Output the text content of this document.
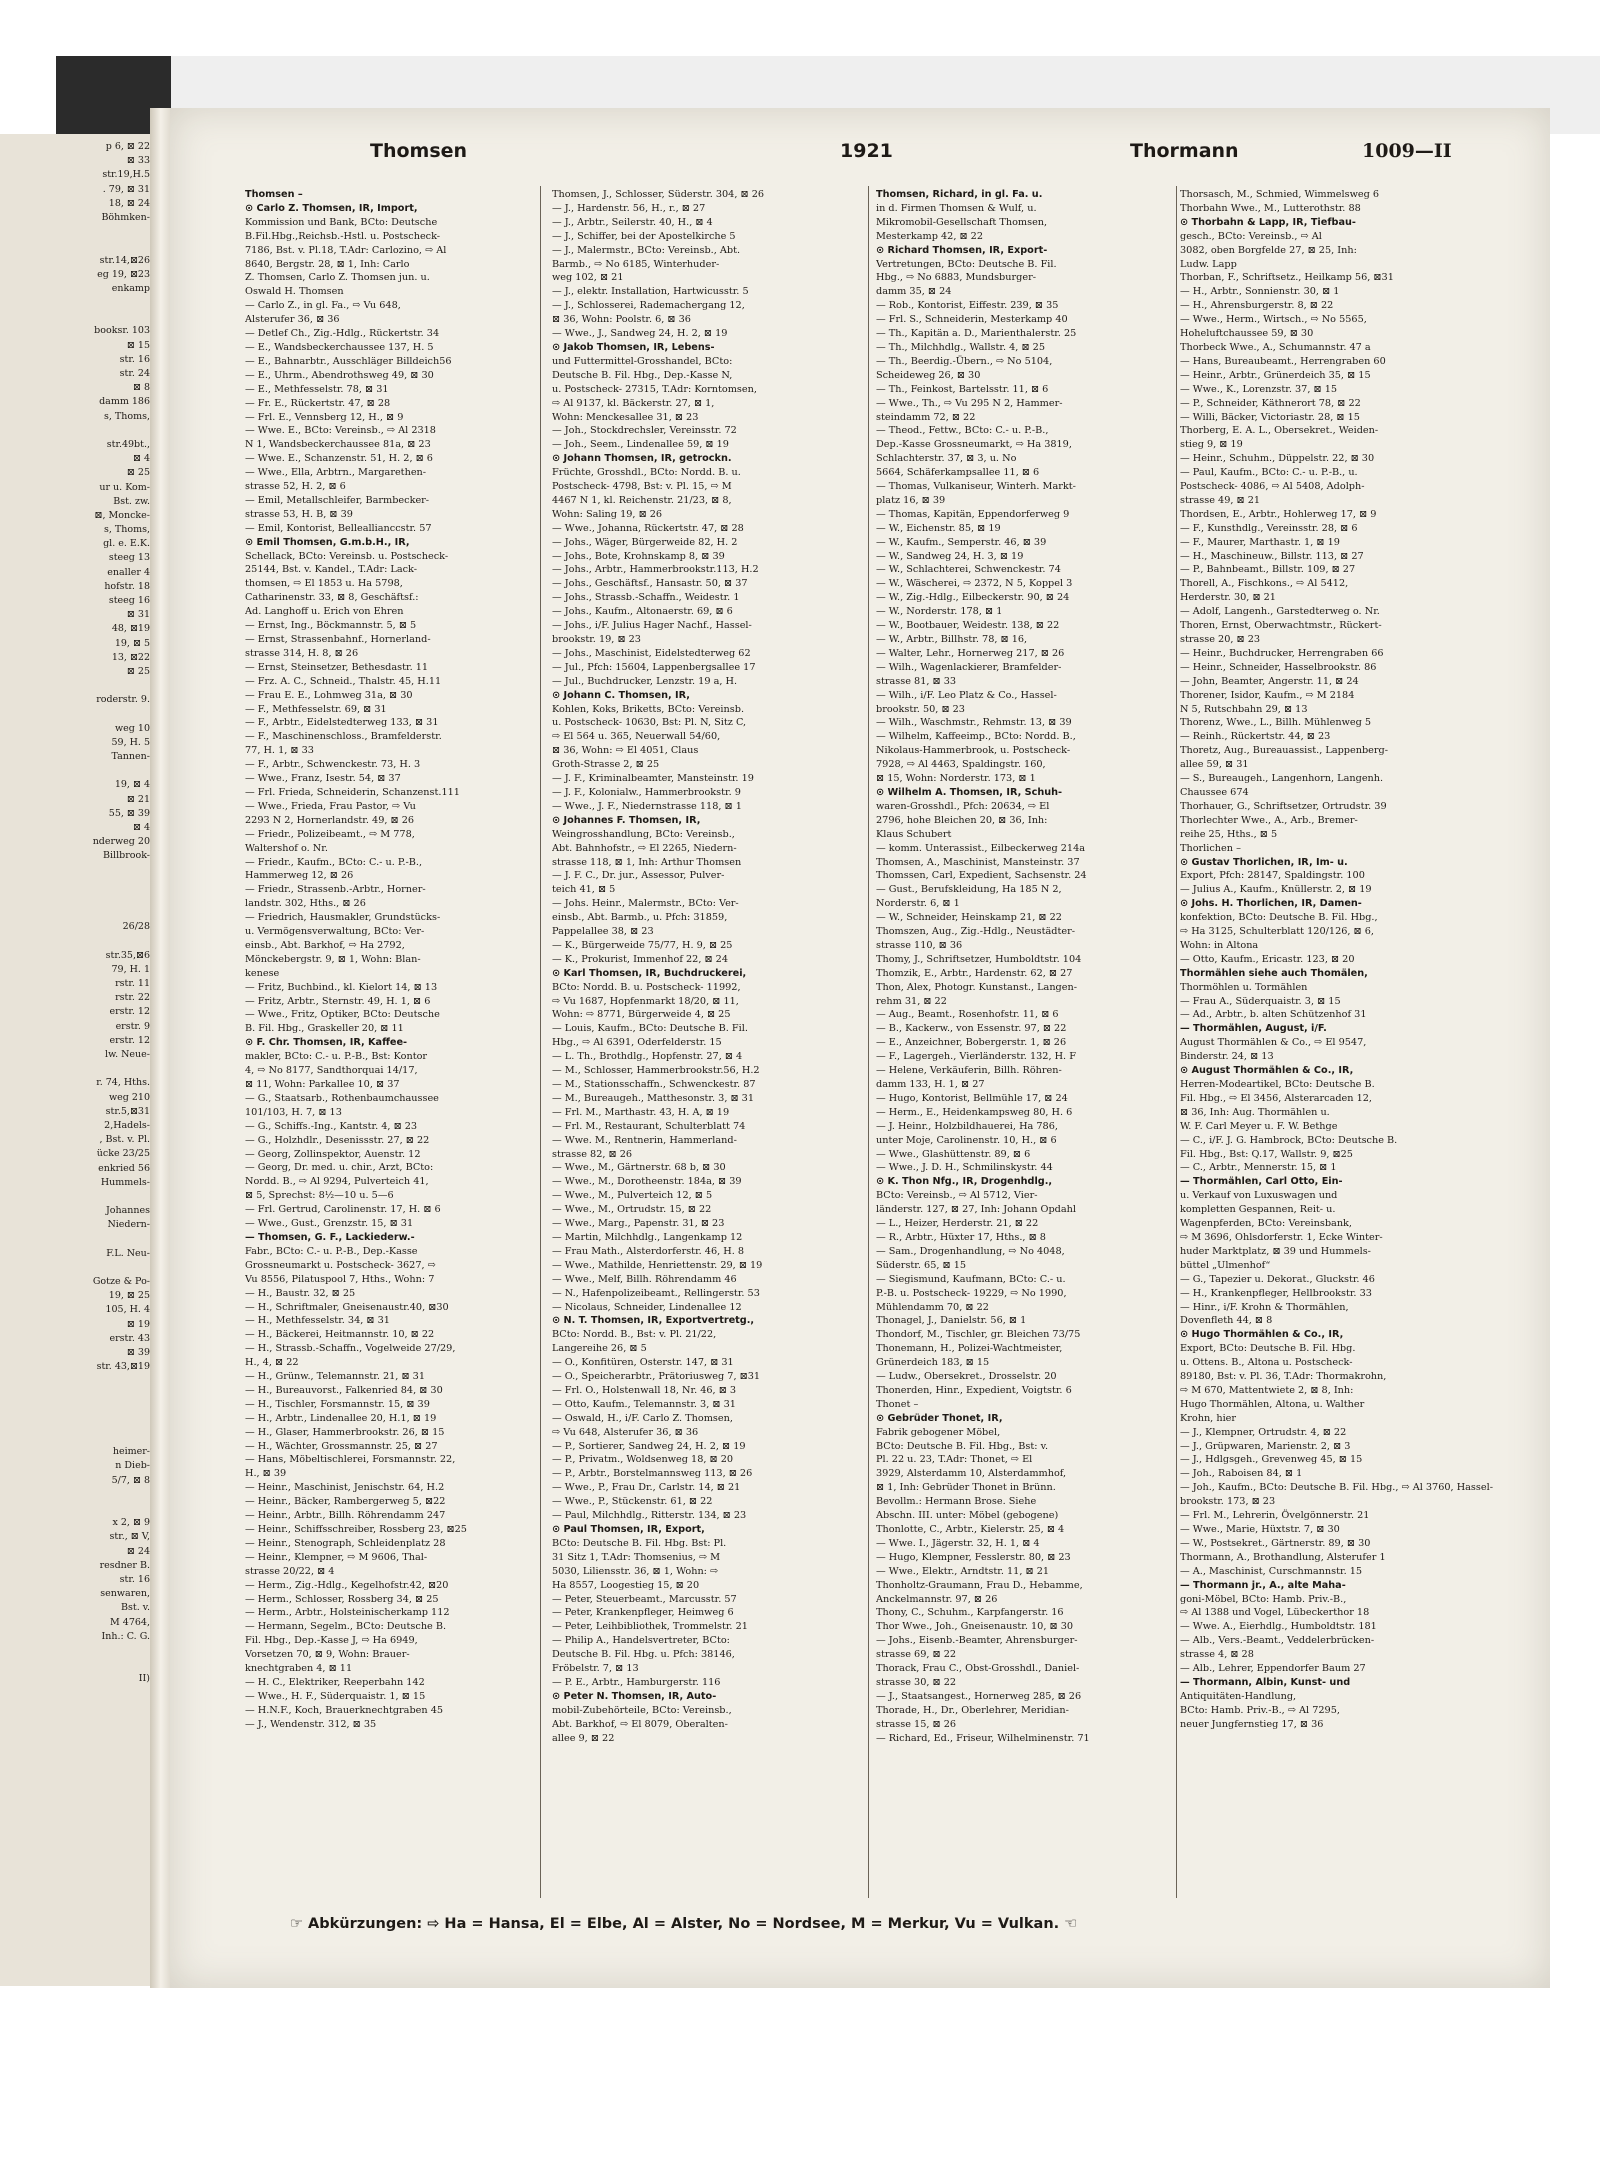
p 6, ⊠ 22
⊠ 33
str.19,H.5
. 79, ⊠ 31
18, ⊠ 24
Böhmken-
str.14,⊠26
eg 19, ⊠23
enkamp
booksr. 103
⊠ 15
str. 16
str. 24
⊠ 8
damm 186
s, Thoms,
str.49bt.,
⊠ 4
⊠ 25
ur u. Kom-
Bst. zw.
⊠, Moncke-
s, Thoms,
gl. e. E.K.
steeg 13
enaller 4
hofstr. 18
steeg 16
⊠ 31
48, ⊠19
19, ⊠ 5
13, ⊠22
⊠ 25
roderstr. 9.
weg 10
59, H. 5
Tannen-
19, ⊠ 4
⊠ 21
55, ⊠ 39
⊠ 4
nderweg 20
Billbrook-
26/28
str.35,⊠6
79, H. 1
rstr. 11
rstr. 22
erstr. 12
erstr. 9
erstr. 12
lw. Neue-
r. 74, Hths.
weg 210
str.5,⊠31
2,Hadels-
, Bst. v. Pl.
ücke 23/25
enkried 56
Hummels-
Johannes
Niedern-
F.L. Neu-
Gotze & Po-
19, ⊠ 25
105, H. 4
⊠ 19
erstr. 43
⊠ 39
str. 43,⊠19
heimer-
n Dieb-
5/7, ⊠ 8
x 2, ⊠ 9
str., ⊠ V,
⊠ 24
resdner B.
str. 16
senwaren,
Bst. v.
M 4764,
Inh.: C. G.
II)
Thomsen	1921	Thormann	1009—II
Thomsen –
⊙ Carlo Z. Thomsen, IR, Import,
Kommission und Bank, BCto: Deutsche
B.Fil.Hbg.,Reichsb.-Hstl. u. Postscheck-
7186, Bst. v. Pl.18, T.Adr: Carlozino, ⇨ Al
8640, Bergstr. 28, ⊠ 1, Inh: Carlo
Z. Thomsen, Carlo Z. Thomsen jun. u.
Oswald H. Thomsen
— Carlo Z., in gl. Fa., ⇨ Vu 648,
Alsterufer 36, ⊠ 36
— Detlef Ch., Zig.-Hdlg., Rückertstr. 34
— E., Wandsbeckerchaussee 137, H. 5
— E., Bahnarbtr., Ausschläger Billdeich56
— E., Uhrm., Abendrothsweg 49, ⊠ 30
— E., Methfesselstr. 78, ⊠ 31
— Fr. E., Rückertstr. 47, ⊠ 28
— Frl. E., Vennsberg 12, H., ⊠ 9
— Wwe. E., BCto: Vereinsb., ⇨ Al 2318
N 1, Wandsbeckerchaussee 81a, ⊠ 23
— Wwe. E., Schanzenstr. 51, H. 2, ⊠ 6
— Wwe., Ella, Arbtrn., Margarethen-
strasse 52, H. 2, ⊠ 6
— Emil, Metallschleifer, Barmbecker-
strasse 53, H. B, ⊠ 39
— Emil, Kontorist, Belleallianccstr. 57
⊙ Emil Thomsen, G.m.b.H., IR,
Schellack, BCto: Vereinsb. u. Postscheck-
25144, Bst. v. Kandel., T.Adr: Lack-
thomsen, ⇨ El 1853 u. Ha 5798,
Catharinenstr. 33, ⊠ 8, Geschäftsf.:
Ad. Langhoff u. Erich von Ehren
— Ernst, Ing., Böckmannstr. 5, ⊠ 5
— Ernst, Strassenbahnf., Hornerland-
strasse 314, H. 8, ⊠ 26
— Ernst, Steinsetzer, Bethesdastr. 11
— Frz. A. C., Schneid., Thalstr. 45, H.11
— Frau E. E., Lohmweg 31a, ⊠ 30
— F., Methfesselstr. 69, ⊠ 31
— F., Arbtr., Eidelstedterweg 133, ⊠ 31
— F., Maschinenschloss., Bramfelderstr.
77, H. 1, ⊠ 33
— F., Arbtr., Schwenckestr. 73, H. 3
— Wwe., Franz, Isestr. 54, ⊠ 37
— Frl. Frieda, Schneiderin, Schanzenst.111
— Wwe., Frieda, Frau Pastor, ⇨ Vu
2293 N 2, Hornerlandstr. 49, ⊠ 26
— Friedr., Polizeibeamt., ⇨ M 778,
Waltershof o. Nr.
— Friedr., Kaufm., BCto: C.- u. P.-B.,
Hammerweg 12, ⊠ 26
— Friedr., Strassenb.-Arbtr., Horner-
landstr. 302, Hths., ⊠ 26
— Friedrich, Hausmakler, Grundstücks-
u. Vermögensverwaltung, BCto: Ver-
einsb., Abt. Barkhof, ⇨ Ha 2792,
Mönckebergstr. 9, ⊠ 1, Wohn: Blan-
kenese
— Fritz, Buchbind., kl. Kielort 14, ⊠ 13
— Fritz, Arbtr., Sternstr. 49, H. 1, ⊠ 6
— Wwe., Fritz, Optiker, BCto: Deutsche
B. Fil. Hbg., Graskeller 20, ⊠ 11
⊙ F. Chr. Thomsen, IR, Kaffee-
makler, BCto: C.- u. P.-B., Bst: Kontor
4, ⇨ No 8177, Sandthorquai 14/17,
⊠ 11, Wohn: Parkallee 10, ⊠ 37
— G., Staatsarb., Rothenbaumchaussee
101/103, H. 7, ⊠ 13
— G., Schiffs.-Ing., Kantstr. 4, ⊠ 23
— G., Holzhdlr., Desenissstr. 27, ⊠ 22
— Georg, Zollinspektor, Auenstr. 12
— Georg, Dr. med. u. chir., Arzt, BCto:
Nordd. B., ⇨ Al 9294, Pulverteich 41,
⊠ 5, Sprechst: 8½—10 u. 5—6
— Frl. Gertrud, Carolinenstr. 17, H. ⊠ 6
— Wwe., Gust., Grenzstr. 15, ⊠ 31
— Thomsen, G. F., Lackiederw.-
Fabr., BCto: C.- u. P.-B., Dep.-Kasse
Grossneumarkt u. Postscheck- 3627, ⇨
Vu 8556, Pilatuspool 7, Hths., Wohn: 7
— H., Baustr. 32, ⊠ 25
— H., Schriftmaler, Gneisenaustr.40, ⊠30
— H., Methfesselstr. 34, ⊠ 31
— H., Bäckerei, Heitmannstr. 10, ⊠ 22
— H., Strassb.-Schaffn., Vogelweide 27/29,
H., 4, ⊠ 22
— H., Grünw., Telemannstr. 21, ⊠ 31
— H., Bureauvorst., Falkenried 84, ⊠ 30
— H., Tischler, Forsmannstr. 15, ⊠ 39
— H., Arbtr., Lindenallee 20, H.1, ⊠ 19
— H., Glaser, Hammerbrookstr. 26, ⊠ 15
— H., Wächter, Grossmannstr. 25, ⊠ 27
— Hans, Möbeltischlerei, Forsmannstr. 22,
H., ⊠ 39
— Heinr., Maschinist, Jenischstr. 64, H.2
— Heinr., Bäcker, Rambergerweg 5, ⊠22
— Heinr., Arbtr., Billh. Röhrendamm 247
— Heinr., Schiffsschreiber, Rossberg 23, ⊠25
— Heinr., Stenograph, Schleidenplatz 28
— Heinr., Klempner, ⇨ M 9606, Thal-
strasse 20/22, ⊠ 4
— Herm., Zig.-Hdlg., Kegelhofstr.42, ⊠20
— Herm., Schlosser, Rossberg 34, ⊠ 25
— Herm., Arbtr., Holsteinischerkamp 112
— Hermann, Segelm., BCto: Deutsche B.
Fil. Hbg., Dep.-Kasse J, ⇨ Ha 6949,
Vorsetzen 70, ⊠ 9, Wohn: Brauer-
knechtgraben 4, ⊠ 11
— H. C., Elektriker, Reeperbahn 142
— Wwe., H. F., Süderquaistr. 1, ⊠ 15
— H.N.F., Koch, Brauerknechtgraben 45
— J., Wendenstr. 312, ⊠ 35
Thomsen, J., Schlosser, Süderstr. 304, ⊠ 26
— J., Hardenstr. 56, H., r., ⊠ 27
— J., Arbtr., Seilerstr. 40, H., ⊠ 4
— J., Schiffer, bei der Apostelkirche 5
— J., Malermstr., BCto: Vereinsb., Abt.
Barmb., ⇨ No 6185, Winterhuder-
weg 102, ⊠ 21
— J., elektr. Installation, Hartwicusstr. 5
— J., Schlosserei, Rademachergang 12,
⊠ 36, Wohn: Poolstr. 6, ⊠ 36
— Wwe., J., Sandweg 24, H. 2, ⊠ 19
⊙ Jakob Thomsen, IR, Lebens-
und Futtermittel-Grosshandel, BCto:
Deutsche B. Fil. Hbg., Dep.-Kasse N,
u. Postscheck- 27315, T.Adr: Korntomsen,
⇨ Al 9137, kl. Bäckerstr. 27, ⊠ 1,
Wohn: Menckesallee 31, ⊠ 23
— Joh., Stockdrechsler, Vereinsstr. 72
— Joh., Seem., Lindenallee 59, ⊠ 19
⊙ Johann Thomsen, IR, getrockn.
Früchte, Grosshdl., BCto: Nordd. B. u.
Postscheck- 4798, Bst: v. Pl. 15, ⇨ M
4467 N 1, kl. Reichenstr. 21/23, ⊠ 8,
Wohn: Saling 19, ⊠ 26
— Wwe., Johanna, Rückertstr. 47, ⊠ 28
— Johs., Wäger, Bürgerweide 82, H. 2
— Johs., Bote, Krohnskamp 8, ⊠ 39
— Johs., Arbtr., Hammerbrookstr.113, H.2
— Johs., Geschäftsf., Hansastr. 50, ⊠ 37
— Johs., Strassb.-Schaffn., Weidestr. 1
— Johs., Kaufm., Altonaerstr. 69, ⊠ 6
— Johs., i/F. Julius Hager Nachf., Hassel-
brookstr. 19, ⊠ 23
— Johs., Maschinist, Eidelstedterweg 62
— Jul., Pfch: 15604, Lappenbergsallee 17
— Jul., Buchdrucker, Lenzstr. 19 a, H.
⊙ Johann C. Thomsen, IR,
Kohlen, Koks, Briketts, BCto: Vereinsb.
u. Postscheck- 10630, Bst: Pl. N, Sitz C,
⇨ El 564 u. 365, Neuerwall 54/60,
⊠ 36, Wohn: ⇨ El 4051, Claus
Groth-Strasse 2, ⊠ 25
— J. F., Kriminalbeamter, Mansteinstr. 19
— J. F., Kolonialw., Hammerbrookstr. 9
— Wwe., J. F., Niedernstrasse 118, ⊠ 1
⊙ Johannes F. Thomsen, IR,
Weingrosshandlung, BCto: Vereinsb.,
Abt. Bahnhofstr., ⇨ El 2265, Niedern-
strasse 118, ⊠ 1, Inh: Arthur Thomsen
— J. F. C., Dr. jur., Assessor, Pulver-
teich 41, ⊠ 5
— Johs. Heinr., Malermstr., BCto: Ver-
einsb., Abt. Barmb., u. Pfch: 31859,
Pappelallee 38, ⊠ 23
— K., Bürgerweide 75/77, H. 9, ⊠ 25
— K., Prokurist, Immenhof 22, ⊠ 24
⊙ Karl Thomsen, IR, Buchdruckerei,
BCto: Nordd. B. u. Postscheck- 11992,
⇨ Vu 1687, Hopfenmarkt 18/20, ⊠ 11,
Wohn: ⇨ 8771, Bürgerweide 4, ⊠ 25
— Louis, Kaufm., BCto: Deutsche B. Fil.
Hbg., ⇨ Al 6391, Oderfelderstr. 15
— L. Th., Brothdlg., Hopfenstr. 27, ⊠ 4
— M., Schlosser, Hammerbrookstr.56, H.2
— M., Stationsschaffn., Schwenckestr. 87
— M., Bureaugeh., Matthesonstr. 3, ⊠ 31
— Frl. M., Marthastr. 43, H. A, ⊠ 19
— Frl. M., Restaurant, Schulterblatt 74
— Wwe. M., Rentnerin, Hammerland-
strasse 82, ⊠ 26
— Wwe., M., Gärtnerstr. 68 b, ⊠ 30
— Wwe., M., Dorotheenstr. 184a, ⊠ 39
— Wwe., M., Pulverteich 12, ⊠ 5
— Wwe., M., Ortrudstr. 15, ⊠ 22
— Wwe., Marg., Papenstr. 31, ⊠ 23
— Martin, Milchhdlg., Langenkamp 12
— Frau Math., Alsterdorferstr. 46, H. 8
— Wwe., Mathilde, Henriettenstr. 29, ⊠ 19
— Wwe., Melf, Billh. Röhrendamm 46
— N., Hafenpolizeibeamt., Rellingerstr. 53
— Nicolaus, Schneider, Lindenallee 12
⊙ N. T. Thomsen, IR, Exportvertretg.,
BCto: Nordd. B., Bst: v. Pl. 21/22,
Langereihe 26, ⊠ 5
— O., Konfitüren, Osterstr. 147, ⊠ 31
— O., Speicherarbtr., Prätoriusweg 7, ⊠31
— Frl. O., Holstenwall 18, Nr. 46, ⊠ 3
— Otto, Kaufm., Telemannstr. 3, ⊠ 31
— Oswald, H., i/F. Carlo Z. Thomsen,
⇨ Vu 648, Alsterufer 36, ⊠ 36
— P., Sortierer, Sandweg 24, H. 2, ⊠ 19
— P., Privatm., Woldsenweg 18, ⊠ 20
— P., Arbtr., Borstelmannsweg 113, ⊠ 26
— Wwe., P., Frau Dr., Carlstr. 14, ⊠ 21
— Wwe., P., Stückenstr. 61, ⊠ 22
— Paul, Milchhdlg., Ritterstr. 134, ⊠ 23
⊙ Paul Thomsen, IR, Export,
BCto: Deutsche B. Fil. Hbg. Bst: Pl.
31 Sitz 1, T.Adr: Thomsenius, ⇨ M
5030, Liliensstr. 36, ⊠ 1, Wohn: ⇨
Ha 8557, Loogestieg 15, ⊠ 20
— Peter, Steuerbeamt., Marcusstr. 57
— Peter, Krankenpfleger, Heimweg 6
— Peter, Leihbibliothek, Trommelstr. 21
— Philip A., Handelsvertreter, BCto:
Deutsche B. Fil. Hbg. u. Pfch: 38146,
Fröbelstr. 7, ⊠ 13
— P. E., Arbtr., Hamburgerstr. 116
⊙ Peter N. Thomsen, IR, Auto-
mobil-Zubehörteile, BCto: Vereinsb.,
Abt. Barkhof, ⇨ El 8079, Oberalten-
allee 9, ⊠ 22
Thomsen, Richard, in gl. Fa. u.
in d. Firmen Thomsen & Wulf, u.
Mikromobil-Gesellschaft Thomsen,
Mesterkamp 42, ⊠ 22
⊙ Richard Thomsen, IR, Export-
Vertretungen, BCto: Deutsche B. Fil.
Hbg., ⇨ No 6883, Mundsburger-
damm 35, ⊠ 24
— Rob., Kontorist, Eiffestr. 239, ⊠ 35
— Frl. S., Schneiderin, Mesterkamp 40
— Th., Kapitän a. D., Marienthalerstr. 25
— Th., Milchhdlg., Wallstr. 4, ⊠ 25
— Th., Beerdig.-Übern., ⇨ No 5104,
Scheideweg 26, ⊠ 30
— Th., Feinkost, Bartelsstr. 11, ⊠ 6
— Wwe., Th., ⇨ Vu 295 N 2, Hammer-
steindamm 72, ⊠ 22
— Theod., Fettw., BCto: C.- u. P.-B.,
Dep.-Kasse Grossneumarkt, ⇨ Ha 3819,
Schlachterstr. 37, ⊠ 3, u. No
5664, Schäferkampsallee 11, ⊠ 6
— Thomas, Vulkaniseur, Winterh. Markt-
platz 16, ⊠ 39
— Thomas, Kapitän, Eppendorferweg 9
— W., Eichenstr. 85, ⊠ 19
— W., Kaufm., Semperstr. 46, ⊠ 39
— W., Sandweg 24, H. 3, ⊠ 19
— W., Schlachterei, Schwenckestr. 74
— W., Wäscherei, ⇨ 2372, N 5, Koppel 3
— W., Zig.-Hdlg., Eilbeckerstr. 90, ⊠ 24
— W., Norderstr. 178, ⊠ 1
— W., Bootbauer, Weidestr. 138, ⊠ 22
— W., Arbtr., Billhstr. 78, ⊠ 16,
— Walter, Lehr., Hornerweg 217, ⊠ 26
— Wilh., Wagenlackierer, Bramfelder-
strasse 81, ⊠ 33
— Wilh., i/F. Leo Platz & Co., Hassel-
brookstr. 50, ⊠ 23
— Wilh., Waschmstr., Rehmstr. 13, ⊠ 39
— Wilhelm, Kaffeeimp., BCto: Nordd. B.,
Nikolaus-Hammerbrook, u. Postscheck-
7928, ⇨ Al 4463, Spaldingstr. 160,
⊠ 15, Wohn: Norderstr. 173, ⊠ 1
⊙ Wilhelm A. Thomsen, IR, Schuh-
waren-Grosshdl., Pfch: 20634, ⇨ El
2796, hohe Bleichen 20, ⊠ 36, Inh:
Klaus Schubert
— komm. Unterassist., Eilbeckerweg 214a
Thomsen, A., Maschinist, Mansteinstr. 37
Thomssen, Carl, Expedient, Sachsenstr. 24
— Gust., Berufskleidung, Ha 185 N 2,
Norderstr. 6, ⊠ 1
— W., Schneider, Heinskamp 21, ⊠ 22
Thomszen, Aug., Zig.-Hdlg., Neustädter-
strasse 110, ⊠ 36
Thomy, J., Schriftsetzer, Humboldtstr. 104
Thomzik, E., Arbtr., Hardenstr. 62, ⊠ 27
Thon, Alex, Photogr. Kunstanst., Langen-
rehm 31, ⊠ 22
— Aug., Beamt., Rosenhofstr. 11, ⊠ 6
— B., Kackerw., von Essenstr. 97, ⊠ 22
— E., Anzeichner, Bobergerstr. 1, ⊠ 26
— F., Lagergeh., Vierländerstr. 132, H. F
— Helene, Verkäuferin, Billh. Röhren-
damm 133, H. 1, ⊠ 27
— Hugo, Kontorist, Bellmühle 17, ⊠ 24
— Herm., E., Heidenkampsweg 80, H. 6
— J. Heinr., Holzbildhauerei, Ha 786,
unter Moje, Carolinenstr. 10, H., ⊠ 6
— Wwe., Glashüttenstr. 89, ⊠ 6
— Wwe., J. D. H., Schmilinskystr. 44
⊙ K. Thon Nfg., IR, Drogenhdlg.,
BCto: Vereinsb., ⇨ Al 5712, Vier-
länderstr. 127, ⊠ 27, Inh: Johann Opdahl
— L., Heizer, Herderstr. 21, ⊠ 22
— R., Arbtr., Hüxter 17, Hths., ⊠ 8
— Sam., Drogenhandlung, ⇨ No 4048,
Süderstr. 65, ⊠ 15
— Siegismund, Kaufmann, BCto: C.- u.
P.-B. u. Postscheck- 19229, ⇨ No 1990,
Mühlendamm 70, ⊠ 22
Thonagel, J., Danielstr. 56, ⊠ 1
Thondorf, M., Tischler, gr. Bleichen 73/75
Thonemann, H., Polizei-Wachtmeister,
Grünerdeich 183, ⊠ 15
— Ludw., Obersekret., Drosselstr. 20
Thonerden, Hinr., Expedient, Voigtstr. 6
Thonet –
⊙ Gebrüder Thonet, IR,
Fabrik gebogener Möbel,
BCto: Deutsche B. Fil. Hbg., Bst: v.
Pl. 22 u. 23, T.Adr: Thonet, ⇨ El
3929, Alsterdamm 10, Alsterdammhof,
⊠ 1, Inh: Gebrüder Thonet in Brünn.
Bevollm.: Hermann Brose. Siehe
Abschn. III. unter: Möbel (gebogene)
Thonlotte, C., Arbtr., Kielerstr. 25, ⊠ 4
— Wwe. I., Jägerstr. 32, H. 1, ⊠ 4
— Hugo, Klempner, Fesslerstr. 80, ⊠ 23
— Wwe., Elektr., Arndtstr. 11, ⊠ 21
Thonholtz-Graumann, Frau D., Hebamme,
Anckelmannstr. 97, ⊠ 26
Thony, C., Schuhm., Karpfangerstr. 16
Thor Wwe., Joh., Gneisenaustr. 10, ⊠ 30
— Johs., Eisenb.-Beamter, Ahrensburger-
strasse 69, ⊠ 22
Thorack, Frau C., Obst-Grosshdl., Daniel-
strasse 30, ⊠ 22
— J., Staatsangest., Hornerweg 285, ⊠ 26
Thorade, H., Dr., Oberlehrer, Meridian-
strasse 15, ⊠ 26
— Richard, Ed., Friseur, Wilhelminenstr. 71
Thorsasch, M., Schmied, Wimmelsweg 6
Thorbahn Wwe., M., Lutterothstr. 88
⊙ Thorbahn & Lapp, IR, Tiefbau-
gesch., BCto: Vereinsb., ⇨ Al
3082, oben Borgfelde 27, ⊠ 25, Inh:
Ludw. Lapp
Thorban, F., Schriftsetz., Heilkamp 56, ⊠31
— H., Arbtr., Sonnienstr. 30, ⊠ 1
— H., Ahrensburgerstr. 8, ⊠ 22
— Wwe., Herm., Wirtsch., ⇨ No 5565,
Hoheluftchaussee 59, ⊠ 30
Thorbeck Wwe., A., Schumannstr. 47 a
— Hans, Bureaubeamt., Herrengraben 60
— Heinr., Arbtr., Grünerdeich 35, ⊠ 15
— Wwe., K., Lorenzstr. 37, ⊠ 15
— P., Schneider, Käthnerort 78, ⊠ 22
— Willi, Bäcker, Victoriastr. 28, ⊠ 15
Thorberg, E. A. L., Obersekret., Weiden-
stieg 9, ⊠ 19
— Heinr., Schuhm., Düppelstr. 22, ⊠ 30
— Paul, Kaufm., BCto: C.- u. P.-B., u.
Postscheck- 4086, ⇨ Al 5408, Adolph-
strasse 49, ⊠ 21
Thordsen, E., Arbtr., Hohlerweg 17, ⊠ 9
— F., Kunsthdlg., Vereinsstr. 28, ⊠ 6
— F., Maurer, Marthastr. 1, ⊠ 19
— H., Maschineuw., Billstr. 113, ⊠ 27
— P., Bahnbeamt., Billstr. 109, ⊠ 27
Thorell, A., Fischkons., ⇨ Al 5412,
Herderstr. 30, ⊠ 21
— Adolf, Langenh., Garstedterweg o. Nr.
Thoren, Ernst, Oberwachtmstr., Rückert-
strasse 20, ⊠ 23
— Heinr., Buchdrucker, Herrengraben 66
— Heinr., Schneider, Hasselbrookstr. 86
— John, Beamter, Angerstr. 11, ⊠ 24
Thorener, Isidor, Kaufm., ⇨ M 2184
N 5, Rutschbahn 29, ⊠ 13
Thorenz, Wwe., L., Billh. Mühlenweg 5
— Reinh., Rückertstr. 44, ⊠ 23
Thoretz, Aug., Bureauassist., Lappenberg-
allee 59, ⊠ 31
— S., Bureaugeh., Langenhorn, Langenh.
Chaussee 674
Thorhauer, G., Schriftsetzer, Ortrudstr. 39
Thorlechter Wwe., A., Arb., Bremer-
reihe 25, Hths., ⊠ 5
Thorlichen –
⊙ Gustav Thorlichen, IR, Im- u.
Export, Pfch: 28147, Spaldingstr. 100
— Julius A., Kaufm., Knüllerstr. 2, ⊠ 19
⊙ Johs. H. Thorlichen, IR, Damen-
konfektion, BCto: Deutsche B. Fil. Hbg.,
⇨ Ha 3125, Schulterblatt 120/126, ⊠ 6,
Wohn: in Altona
— Otto, Kaufm., Ericastr. 123, ⊠ 20
Thormählen siehe auch Thomälen,
Thormöhlen u. Tormählen
— Frau A., Süderquaistr. 3, ⊠ 15
— Ad., Arbtr., b. alten Schützenhof 31
— Thormählen, August, i/F.
August Thormählen & Co., ⇨ El 9547,
Binderstr. 24, ⊠ 13
⊙ August Thormählen & Co., IR,
Herren-Modeartikel, BCto: Deutsche B.
Fil. Hbg., ⇨ El 3456, Alsterarcaden 12,
⊠ 36, Inh: Aug. Thormählen u.
W. F. Carl Meyer u. F. W. Bethge
— C., i/F. J. G. Hambrock, BCto: Deutsche B.
Fil. Hbg., Bst: Q.17, Wallstr. 9, ⊠25
— C., Arbtr., Mennerstr. 15, ⊠ 1
— Thormählen, Carl Otto, Ein-
u. Verkauf von Luxuswagen und
kompletten Gespannen, Reit- u.
Wagenpferden, BCto: Vereinsbank,
⇨ M 3696, Ohlsdorferstr. 1, Ecke Winter-
huder Marktplatz, ⊠ 39 und Hummels-
büttel „Ulmenhof“
— G., Tapezier u. Dekorat., Gluckstr. 46
— H., Krankenpfleger, Hellbrookstr. 33
— Hinr., i/F. Krohn & Thormählen,
Dovenfleth 44, ⊠ 8
⊙ Hugo Thormählen & Co., IR,
Export, BCto: Deutsche B. Fil. Hbg.
u. Ottens. B., Altona u. Postscheck-
89180, Bst: v. Pl. 36, T.Adr: Thormakrohn,
⇨ M 670, Mattentwiete 2, ⊠ 8, Inh:
Hugo Thormählen, Altona, u. Walther
Krohn, hier
— J., Klempner, Ortrudstr. 4, ⊠ 22
— J., Grüpwaren, Marienstr. 2, ⊠ 3
— J., Hdlgsgeh., Grevenweg 45, ⊠ 15
— Joh., Raboisen 84, ⊠ 1
— Joh., Kaufm., BCto: Deutsche B. Fil. Hbg., ⇨ Al 3760, Hassel-
brookstr. 173, ⊠ 23
— Frl. M., Lehrerin, Övelgönnerstr. 21
— Wwe., Marie, Hüxtstr. 7, ⊠ 30
— W., Postsekret., Gärtnerstr. 89, ⊠ 30
Thormann, A., Brothandlung, Alsterufer 1
— A., Maschinist, Curschmannstr. 15
— Thormann jr., A., alte Maha-
goni-Möbel, BCto: Hamb. Priv.-B.,
⇨ Al 1388 und Vogel, Lübeckerthor 18
— Wwe. A., Eierhdlg., Humboldtstr. 181
— Alb., Vers.-Beamt., Veddelerbrücken-
strasse 4, ⊠ 28
— Alb., Lehrer, Eppendorfer Baum 27
— Thormann, Albin, Kunst- und
Antiquitäten-Handlung,
BCto: Hamb. Priv.-B., ⇨ Al 7295,
neuer Jungfernstieg 17, ⊠ 36
☞ Abkürzungen: ⇨ Ha = Hansa, El = Elbe, Al = Alster, No = Nordsee, M = Merkur, Vu = Vulkan. ☜
